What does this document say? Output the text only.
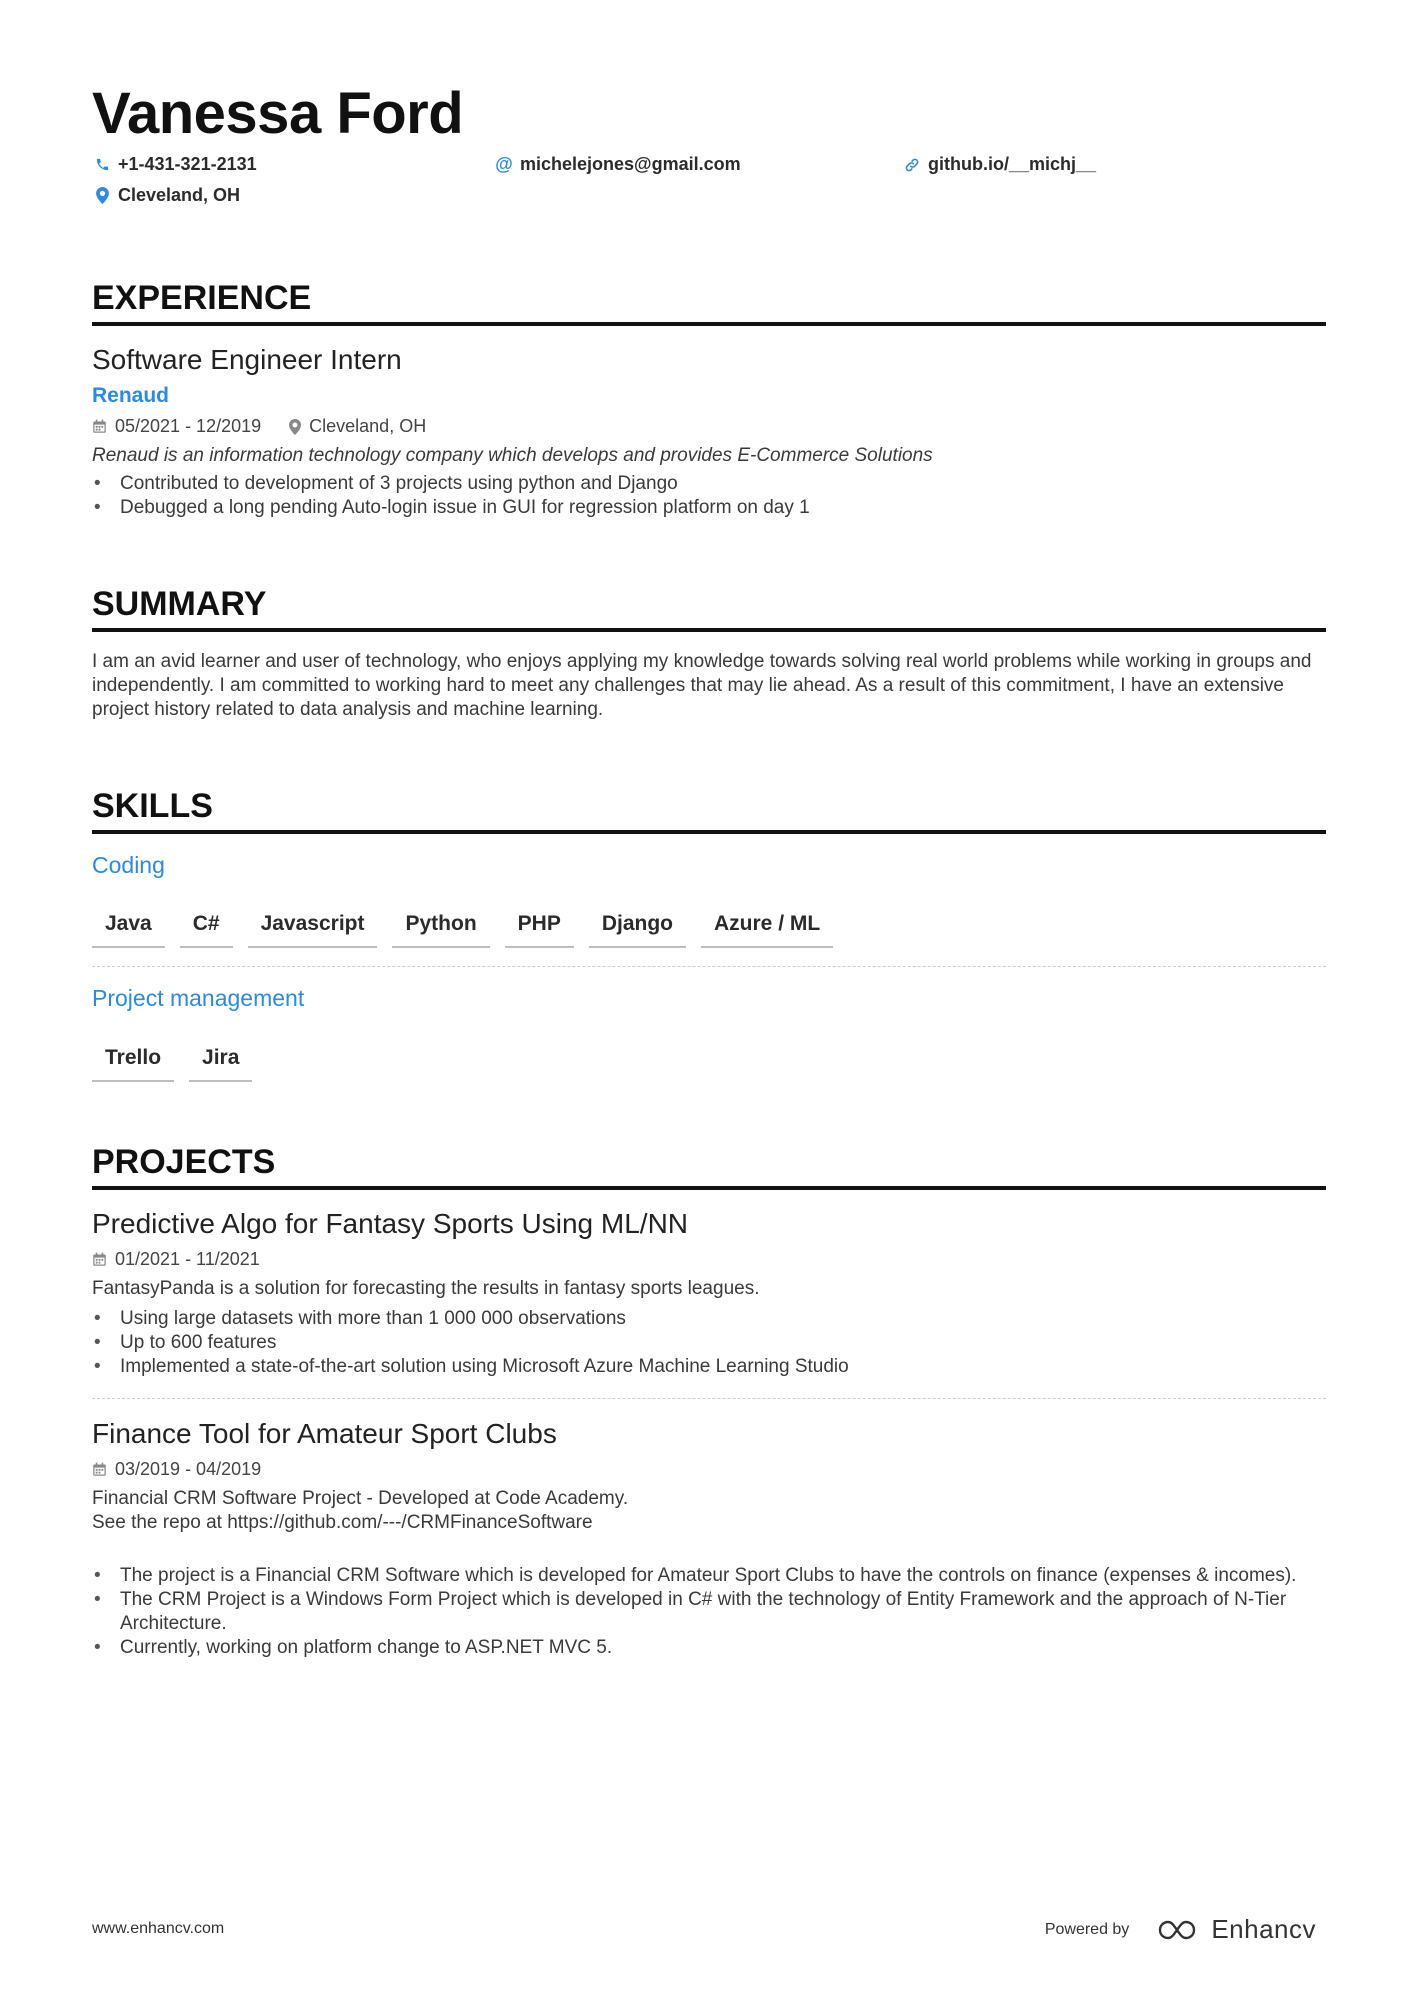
Vanessa Ford
+1-431-321-2131	@ michelejones@gmail.com	github.io/__michj__
Cleveland, OH
EXPERIENCE
Software Engineer Intern
Renaud
05/2021 - 12/2019	Cleveland, OH
Renaud is an information technology company which develops and provides E-Commerce Solutions
• Contributed to development of 3 projects using python and Django
• Debugged a long pending Auto-login issue in GUI for regression platform on day 1
SUMMARY
I am an avid learner and user of technology, who enjoys applying my knowledge towards solving real world problems while working in groups and independently. I am committed to working hard to meet any challenges that may lie ahead. As a result of this commitment, I have an extensive project history related to data analysis and machine learning.
SKILLS
Coding
Java	C#	Javascript	Python	PHP	Django	Azure / ML
Project management
Trello	Jira
PROJECTS
Predictive Algo for Fantasy Sports Using ML/NN
01/2021 - 11/2021
FantasyPanda is a solution for forecasting the results in fantasy sports leagues.
• Using large datasets with more than 1 000 000 observations
• Up to 600 features
• Implemented a state-of-the-art solution using Microsoft Azure Machine Learning Studio
Finance Tool for Amateur Sport Clubs
03/2019 - 04/2019
Financial CRM Software Project - Developed at Code Academy.
See the repo at https://github.com/---/CRMFinanceSoftware
• The project is a Financial CRM Software which is developed for Amateur Sport Clubs to have the controls on finance (expenses & incomes).
• The CRM Project is a Windows Form Project which is developed in C# with the technology of Entity Framework and the approach of N-Tier Architecture.
• Currently, working on platform change to ASP.NET MVC 5.
www.enhancv.com	Powered by	Enhancv
